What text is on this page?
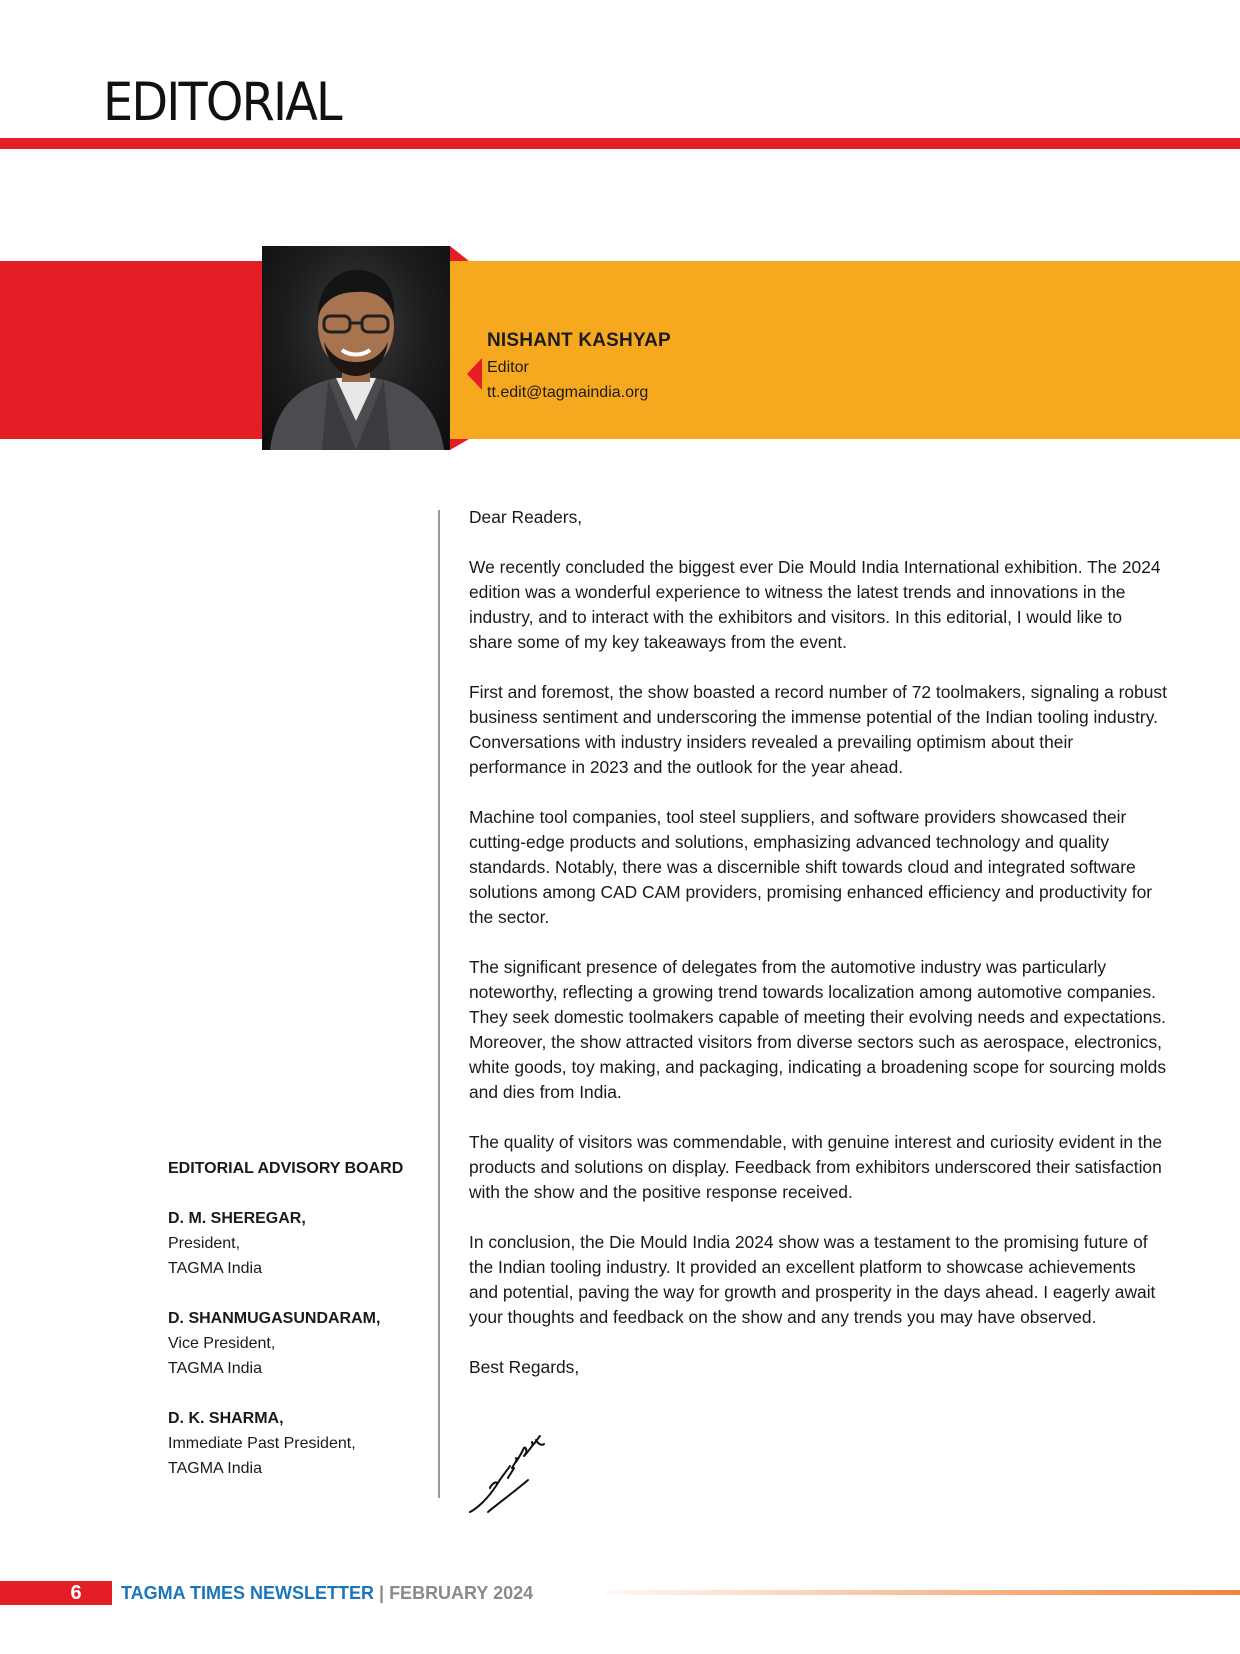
EDITORIAL
NISHANT KASHYAP
Editor
tt.edit@tagmaindia.org

Dear Readers,

We recently concluded the biggest ever Die Mould India International exhibition. The 2024 edition was a wonderful experience to witness the latest trends and innovations in the industry, and to interact with the exhibitors and visitors. In this editorial, I would like to share some of my key takeaways from the event.

First and foremost, the show boasted a record number of 72 toolmakers, signaling a robust business sentiment and underscoring the immense potential of the Indian tooling industry. Conversations with industry insiders revealed a prevailing optimism about their performance in 2023 and the outlook for the year ahead.

Machine tool companies, tool steel suppliers, and software providers showcased their cutting-edge products and solutions, emphasizing advanced technology and quality standards. Notably, there was a discernible shift towards cloud and integrated software solutions among CAD CAM providers, promising enhanced efficiency and productivity for the sector.

The significant presence of delegates from the automotive industry was particularly noteworthy, reflecting a growing trend towards localization among automotive companies. They seek domestic toolmakers capable of meeting their evolving needs and expectations. Moreover, the show attracted visitors from diverse sectors such as aerospace, electronics, white goods, toy making, and packaging, indicating a broadening scope for sourcing molds and dies from India.

The quality of visitors was commendable, with genuine interest and curiosity evident in the products and solutions on display. Feedback from exhibitors underscored their satisfaction with the show and the positive response received.

In conclusion, the Die Mould India 2024 show was a testament to the promising future of the Indian tooling industry. It provided an excellent platform to showcase achievements and potential, paving the way for growth and prosperity in the days ahead. I eagerly await your thoughts and feedback on the show and any trends you may have observed.

Best Regards,

EDITORIAL ADVISORY BOARD
D. M. SHEREGAR,
President,
TAGMA India
D. SHANMUGASUNDARAM,
Vice President,
TAGMA India
D. K. SHARMA,
Immediate Past President,
TAGMA India
6	TAGMA TIMES NEWSLETTER | FEBRUARY 2024
